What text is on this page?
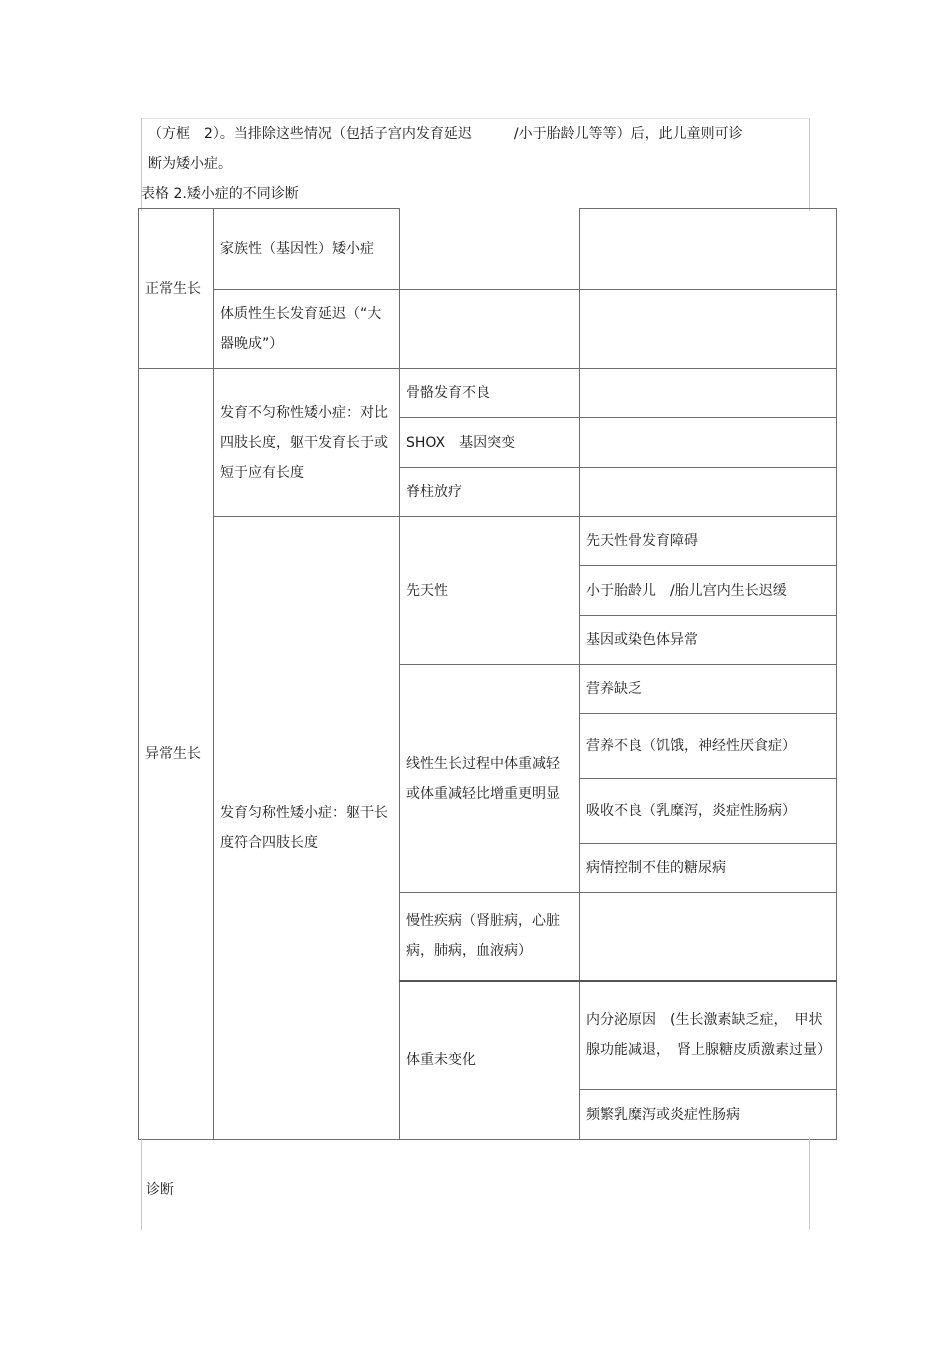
（方框　2）。当排除这些情况（包括子宫内发育延迟　　　/小于胎龄儿等等）后，此儿童则可诊
断为矮小症。
表格 2.矮小症的不同诊断
正常生长	家族性（基因性）矮小症		
	体质性生长发育延迟（“大器晚成”）		
异常生长	发育不匀称性矮小症：对比四肢长度，躯干发育长于或短于应有长度	骨骼发育不良	
		SHOX　基因突变	
		脊柱放疗	
	发育匀称性矮小症：躯干长度符合四肢长度	先天性	先天性骨发育障碍
			小于胎龄儿　/胎儿宫内生长迟缓
			基因或染色体异常
		线性生长过程中体重减轻或体重减轻比增重更明显	营养缺乏
			营养不良（饥饿，神经性厌食症）
			吸收不良（乳糜泻，炎症性肠病）
			病情控制不佳的糖尿病
		慢性疾病（肾脏病，心脏病，肺病，血液病）	
		体重未变化	内分泌原因　(生长激素缺乏症，　甲状腺功能减退，　肾上腺糖皮质激素过量）
			频繁乳糜泻或炎症性肠病
诊断
